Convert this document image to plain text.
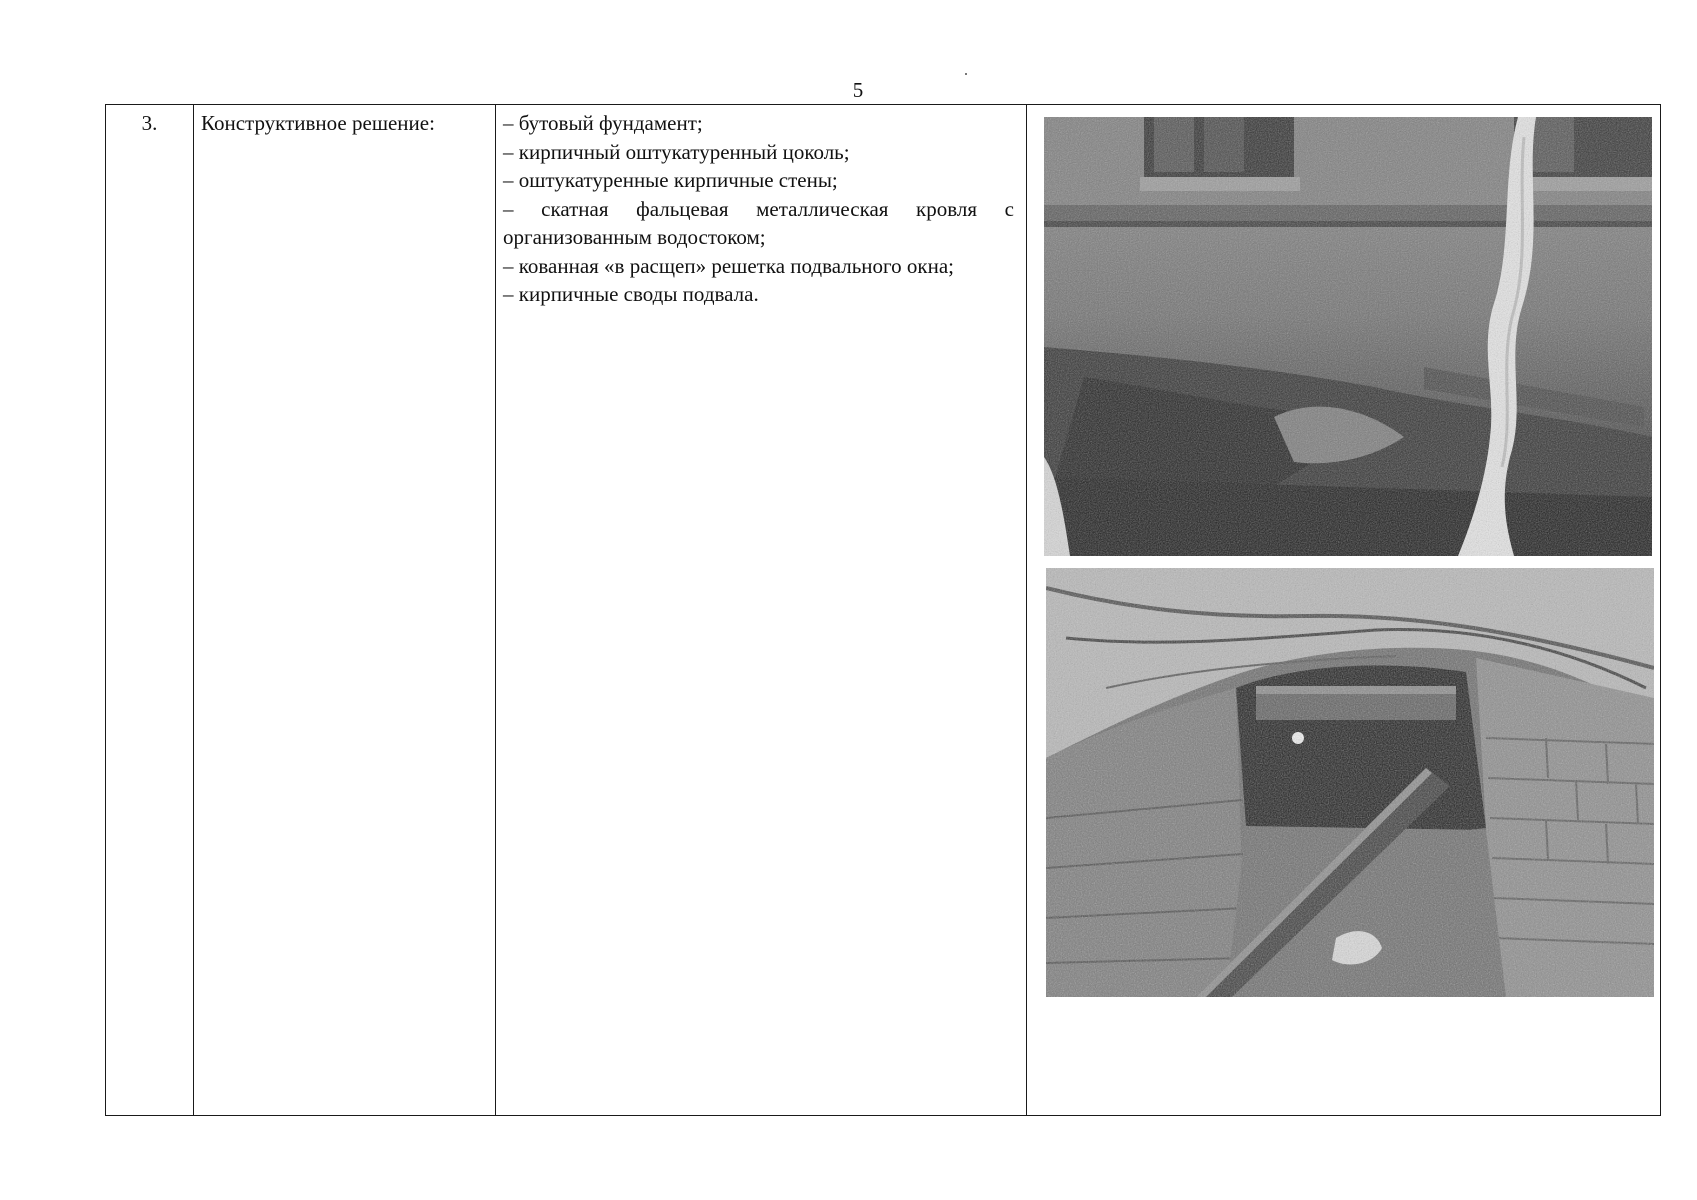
5
3.	Конструктивное решение:	– бутовый фундамент;
– кирпичный оштукатуренный цоколь;
– оштукатуренные кирпичные стены;
– скатная фальцевая металлическая кровля с организованным водостоком;
– кованная «в расщеп» решетка подвального окна;
– кирпичные своды подвала.
